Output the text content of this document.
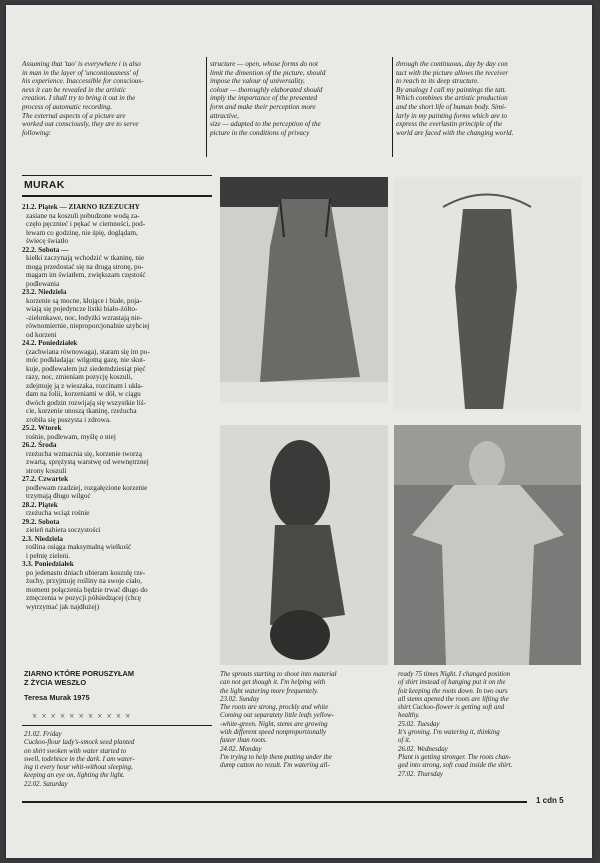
Assuming that 'tao' is everywhere i is also
in man in the layer of 'uncontiousness' of
his experience. Inaccessible for conscious-
ness it can be revealed in the artistic
creation. I shall try to bring it out in the
process of automatic recording.
The external aspects of a picture are
worked out consciously, they are to serve
following:

structure — open, whose forms do not
limit the dimention of the picture, should
impose the valour of universality,
colour — thoroughly elaborated should
imply the importance of the presented
form and make their perception more
attractive,
size — adapted to the perception of the
picture in the conditions of privacy

through the continuous, day by day con
tact with the picture allows the receiver
to reach to its deep structure.
By analogy I call my paintings the tatt.
Which combines the artistic production
and the short life of human body. Simi-
larly in my painting forms which are to
express the everlastin principle of the
world are faced with the changing world.

MURAK
21.2. Piątek — ZIARNO RZEZUCHY
zasiane na koszuli pobudzone wodą za-
częło pęcznieć i pękać w ciemności, pod-
lewam co godzinę, nie śpię, doglądam,
świecę światło
22.2. Sobota —
kiełki zaczynają wchodzić w tkaninę, nie
mogą przedostać się na drugą stronę, po-
magam im światłem, zwiększam częstość
podlewania
23.2. Niedziela
korzenie są mocne, kłujące i białe, poja-
wiają się pojedyncze listki biało-żółto-
-zielonkawe, noc, łodyżki wzrastają nie-
równomiernie, nieproporcjonalnie szybciej
od korzeni
24.2. Poniedziałek
(zachwiana równowaga), staram się im po-
móc podkładając wilgotną gazę, nie skut-
kuje, podlewałem już siedemdziesiąt pięć
razy, noc, zmieniam pozycję koszuli,
zdejmuję ją z wieszaka, rozcinam i ukła-
dam na folii, korzeniami w dół, w ciągu
dwóch godzin rozwijają się wszystkie liś-
cie, korzenie unoszą tkaninę, rzeżucha
zrobiła się puszysta i zdrowa.
25.2. Wtorek
rośnie, podlewam, myślę o niej
26.2. Środa
rzeżucha wzmacnia się, korzenie tworzą
zwartą, sprężystą warstwę od wewnętrznej
strony koszuli
27.2. Czwartek
podlewam rzadziej, rozgałęzione korzenie
trzymają długo wilgoć
28.2. Piątek
rzeżucha wciąż rośnie
29.2. Sobota
zieleń nabiera soczystości
2.3. Niedziela
roślina osiąga maksymalną wielkość
i pełnię zieleni.
3.3. Poniedziałek
po jedenastu dniach ubieram koszulę rze-
żuchy, przyjmuję rośliny na swoje ciało,
moment połączenia będzie trwać długo do
zmęczenia w pozycji półsiedzącej (chcę
wytrzymać jak najdłużej)
ZIARNO KTÓRE PORUSZYŁAM
Z ŻYCIA WESZŁO
Teresa Murak 1975
× × × × × × × × × × ×

21.02. Friday
Cuckoo-flour lady's-smock seed planted
on shirt swoken with water started to
swell, todehisce in the dark. I am water-
ing it every hour whit-without sleeping,
keeping an eye on, lighting the light.
22.02. Saturday

The sprouts starting to shoot into materiał
can not get though it. I'm helping with
the light watering more frequentely.
23.02. Sunday
The roots are strong, prockly and white
Coming out separatety little leafs yellow-
-white-green. Night, stems are growing
with different speed nonproportionally
faster than roots.
24.02. Monday
I'm trying to help them putting under the
dump catton no rezult. I'm watering all-

ready 75 times Night. I changed position
of shirt instead of hanging put it on the
foit keeping the roots down. In two ours
all stems apened the roots are lifting the
shirt Cuckoo-flower is getting soft and
healthy.
25.02. Tuesday
It's groning. I'm watering it, thinking
of it.
26.02. Wednesday
Plant is getting stronger. The roots chan-
ged into strong, soft coad inside the shirt.
27.02. Thursday

1 cdn 5
